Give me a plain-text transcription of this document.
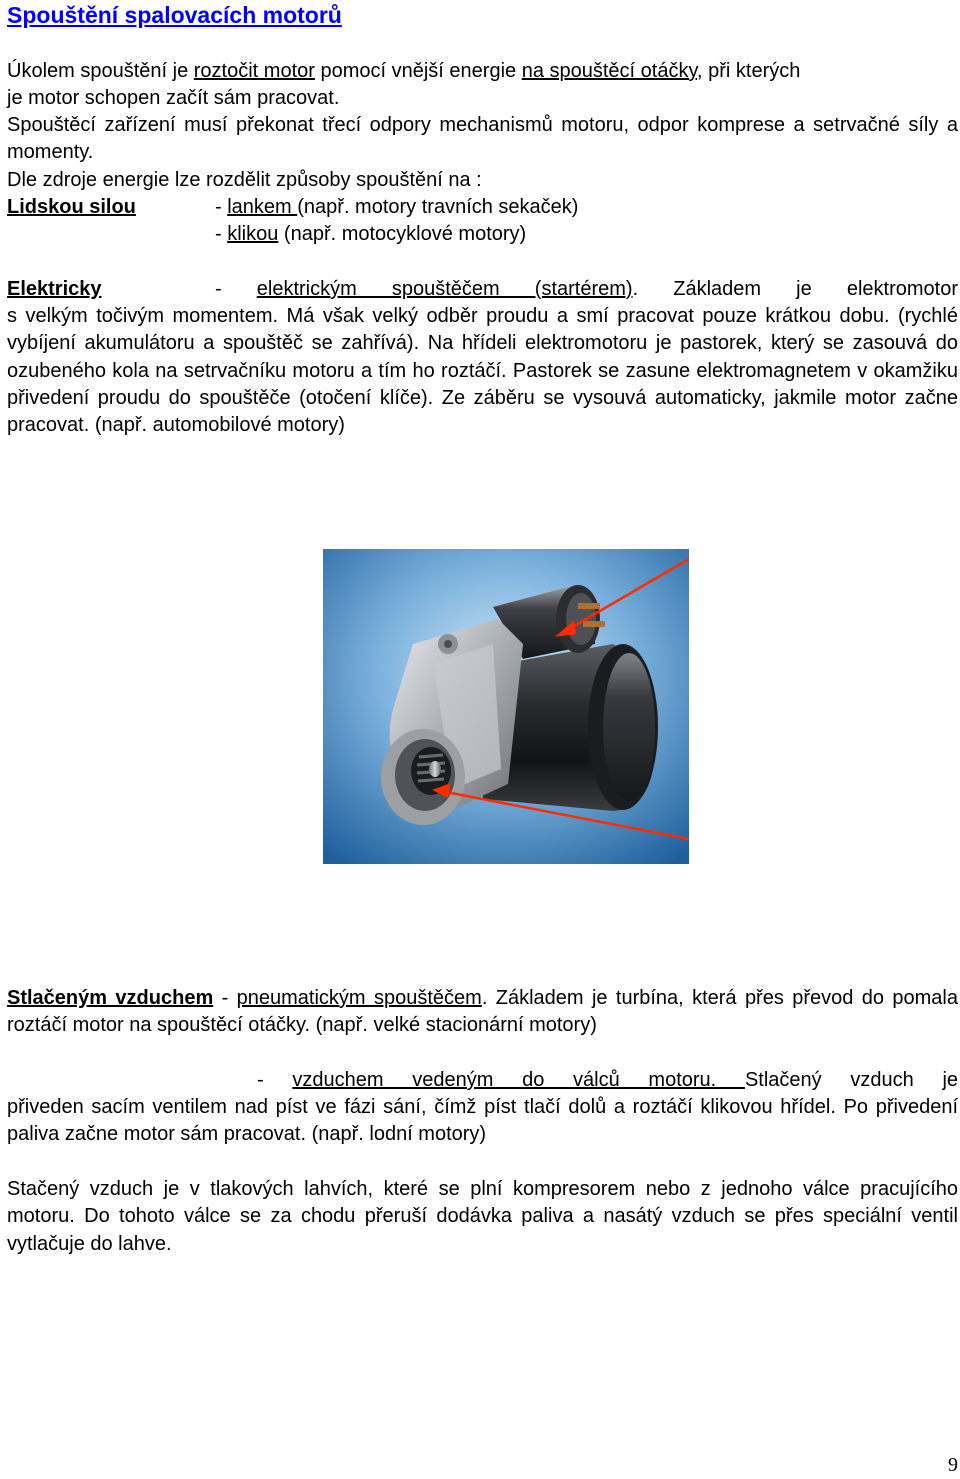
Spouštění spalovacích motorů
Úkolem spouštění je roztočit motor pomocí vnější energie na spouštěcí otáčky, při kterých
je motor schopen začít sám pracovat.

Spouštěcí zařízení musí překonat třecí odpory mechanismů motoru, odpor komprese a setrvačné síly a momenty.

Dle zdroje energie lze rozdělit způsoby spouštění na :
Lidskou silou	- lankem (např. motory travních sekaček)
- klikou (např. motocyklové motory)
Elektricky	- elektrickým spouštěčem (startérem). Základem je elektromotor

s velkým točivým momentem. Má však velký odběr proudu a smí pracovat pouze krátkou dobu. (rychlé vybíjení akumulátoru a spouštěč se zahřívá). Na hřídeli elektromotoru je pastorek, který se zasouvá do ozubeného kola na setrvačníku motoru a tím ho roztáčí. Pastorek se zasune elektromagnetem v okamžiku přivedení proudu do spouštěče (otočení klíče). Ze záběru se vysouvá automaticky, jakmile motor začne pracovat. (např. automobilové motory)

Stlačeným vzduchem - pneumatickým spouštěčem. Základem je turbína, která přes převod do pomala roztáčí motor na spouštěcí otáčky. (např. velké stacionární motory)

- vzduchem vedeným do válců motoru. Stlačený vzduch je

přiveden sacím ventilem nad píst ve fázi sání, čímž píst tlačí dolů a roztáčí klikovou hřídel. Po přivedení paliva začne motor sám pracovat. (např. lodní motory)

Stačený vzduch je v tlakových lahvích, které se plní kompresorem nebo z jednoho válce pracujícího motoru. Do tohoto válce se za chodu přeruší dodávka paliva a nasátý vzduch se přes speciální ventil vytlačuje do lahve.

9
